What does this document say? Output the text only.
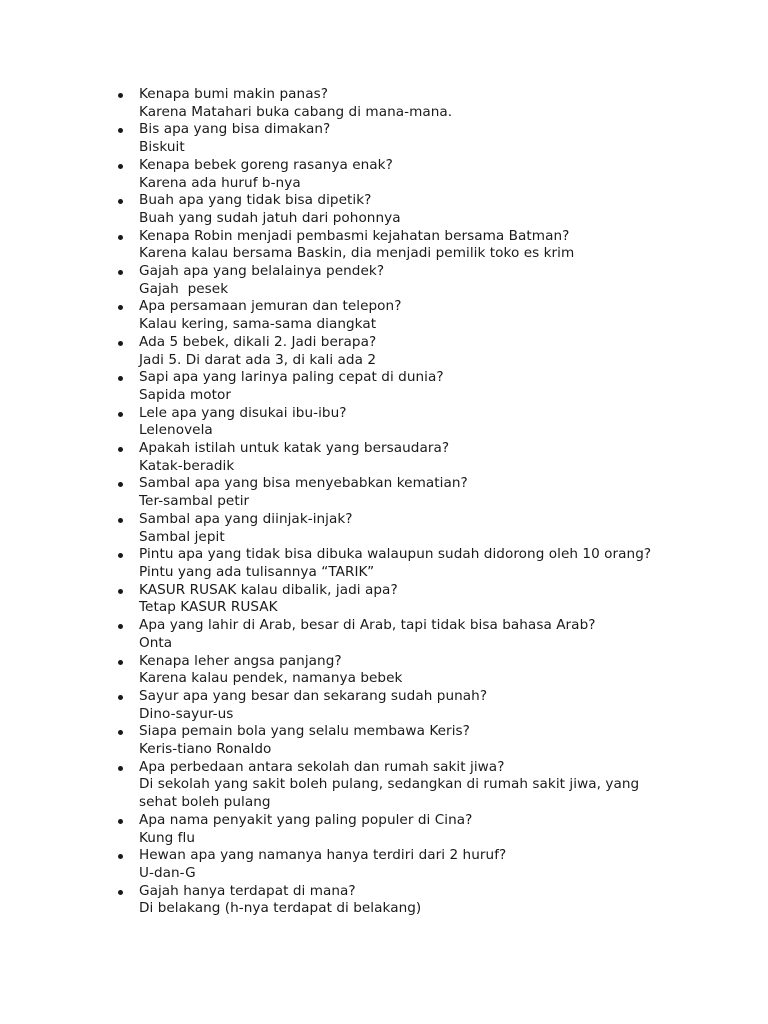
Kenapa bumi makin panas?
Karena Matahari buka cabang di mana-mana.
Bis apa yang bisa dimakan?
Biskuit
Kenapa bebek goreng rasanya enak?
Karena ada huruf b-nya
Buah apa yang tidak bisa dipetik?
Buah yang sudah jatuh dari pohonnya
Kenapa Robin menjadi pembasmi kejahatan bersama Batman?
Karena kalau bersama Baskin, dia menjadi pemilik toko es krim
Gajah apa yang belalainya pendek?
Gajah  pesek
Apa persamaan jemuran dan telepon?
Kalau kering, sama-sama diangkat
Ada 5 bebek, dikali 2. Jadi berapa?
Jadi 5. Di darat ada 3, di kali ada 2
Sapi apa yang larinya paling cepat di dunia?
Sapida motor
Lele apa yang disukai ibu-ibu?
Lelenovela
Apakah istilah untuk katak yang bersaudara?
Katak-beradik
Sambal apa yang bisa menyebabkan kematian?
Ter-sambal petir
Sambal apa yang diinjak-injak?
Sambal jepit
Pintu apa yang tidak bisa dibuka walaupun sudah didorong oleh 10 orang?
Pintu yang ada tulisannya “TARIK”
KASUR RUSAK kalau dibalik, jadi apa?
Tetap KASUR RUSAK
Apa yang lahir di Arab, besar di Arab, tapi tidak bisa bahasa Arab?
Onta
Kenapa leher angsa panjang?
Karena kalau pendek, namanya bebek
Sayur apa yang besar dan sekarang sudah punah?
Dino-sayur-us
Siapa pemain bola yang selalu membawa Keris?
Keris-tiano Ronaldo
Apa perbedaan antara sekolah dan rumah sakit jiwa?
Di sekolah yang sakit boleh pulang, sedangkan di rumah sakit jiwa, yang
sehat boleh pulang
Apa nama penyakit yang paling populer di Cina?
Kung flu
Hewan apa yang namanya hanya terdiri dari 2 huruf?
U-dan-G
Gajah hanya terdapat di mana?
Di belakang (h-nya terdapat di belakang)
